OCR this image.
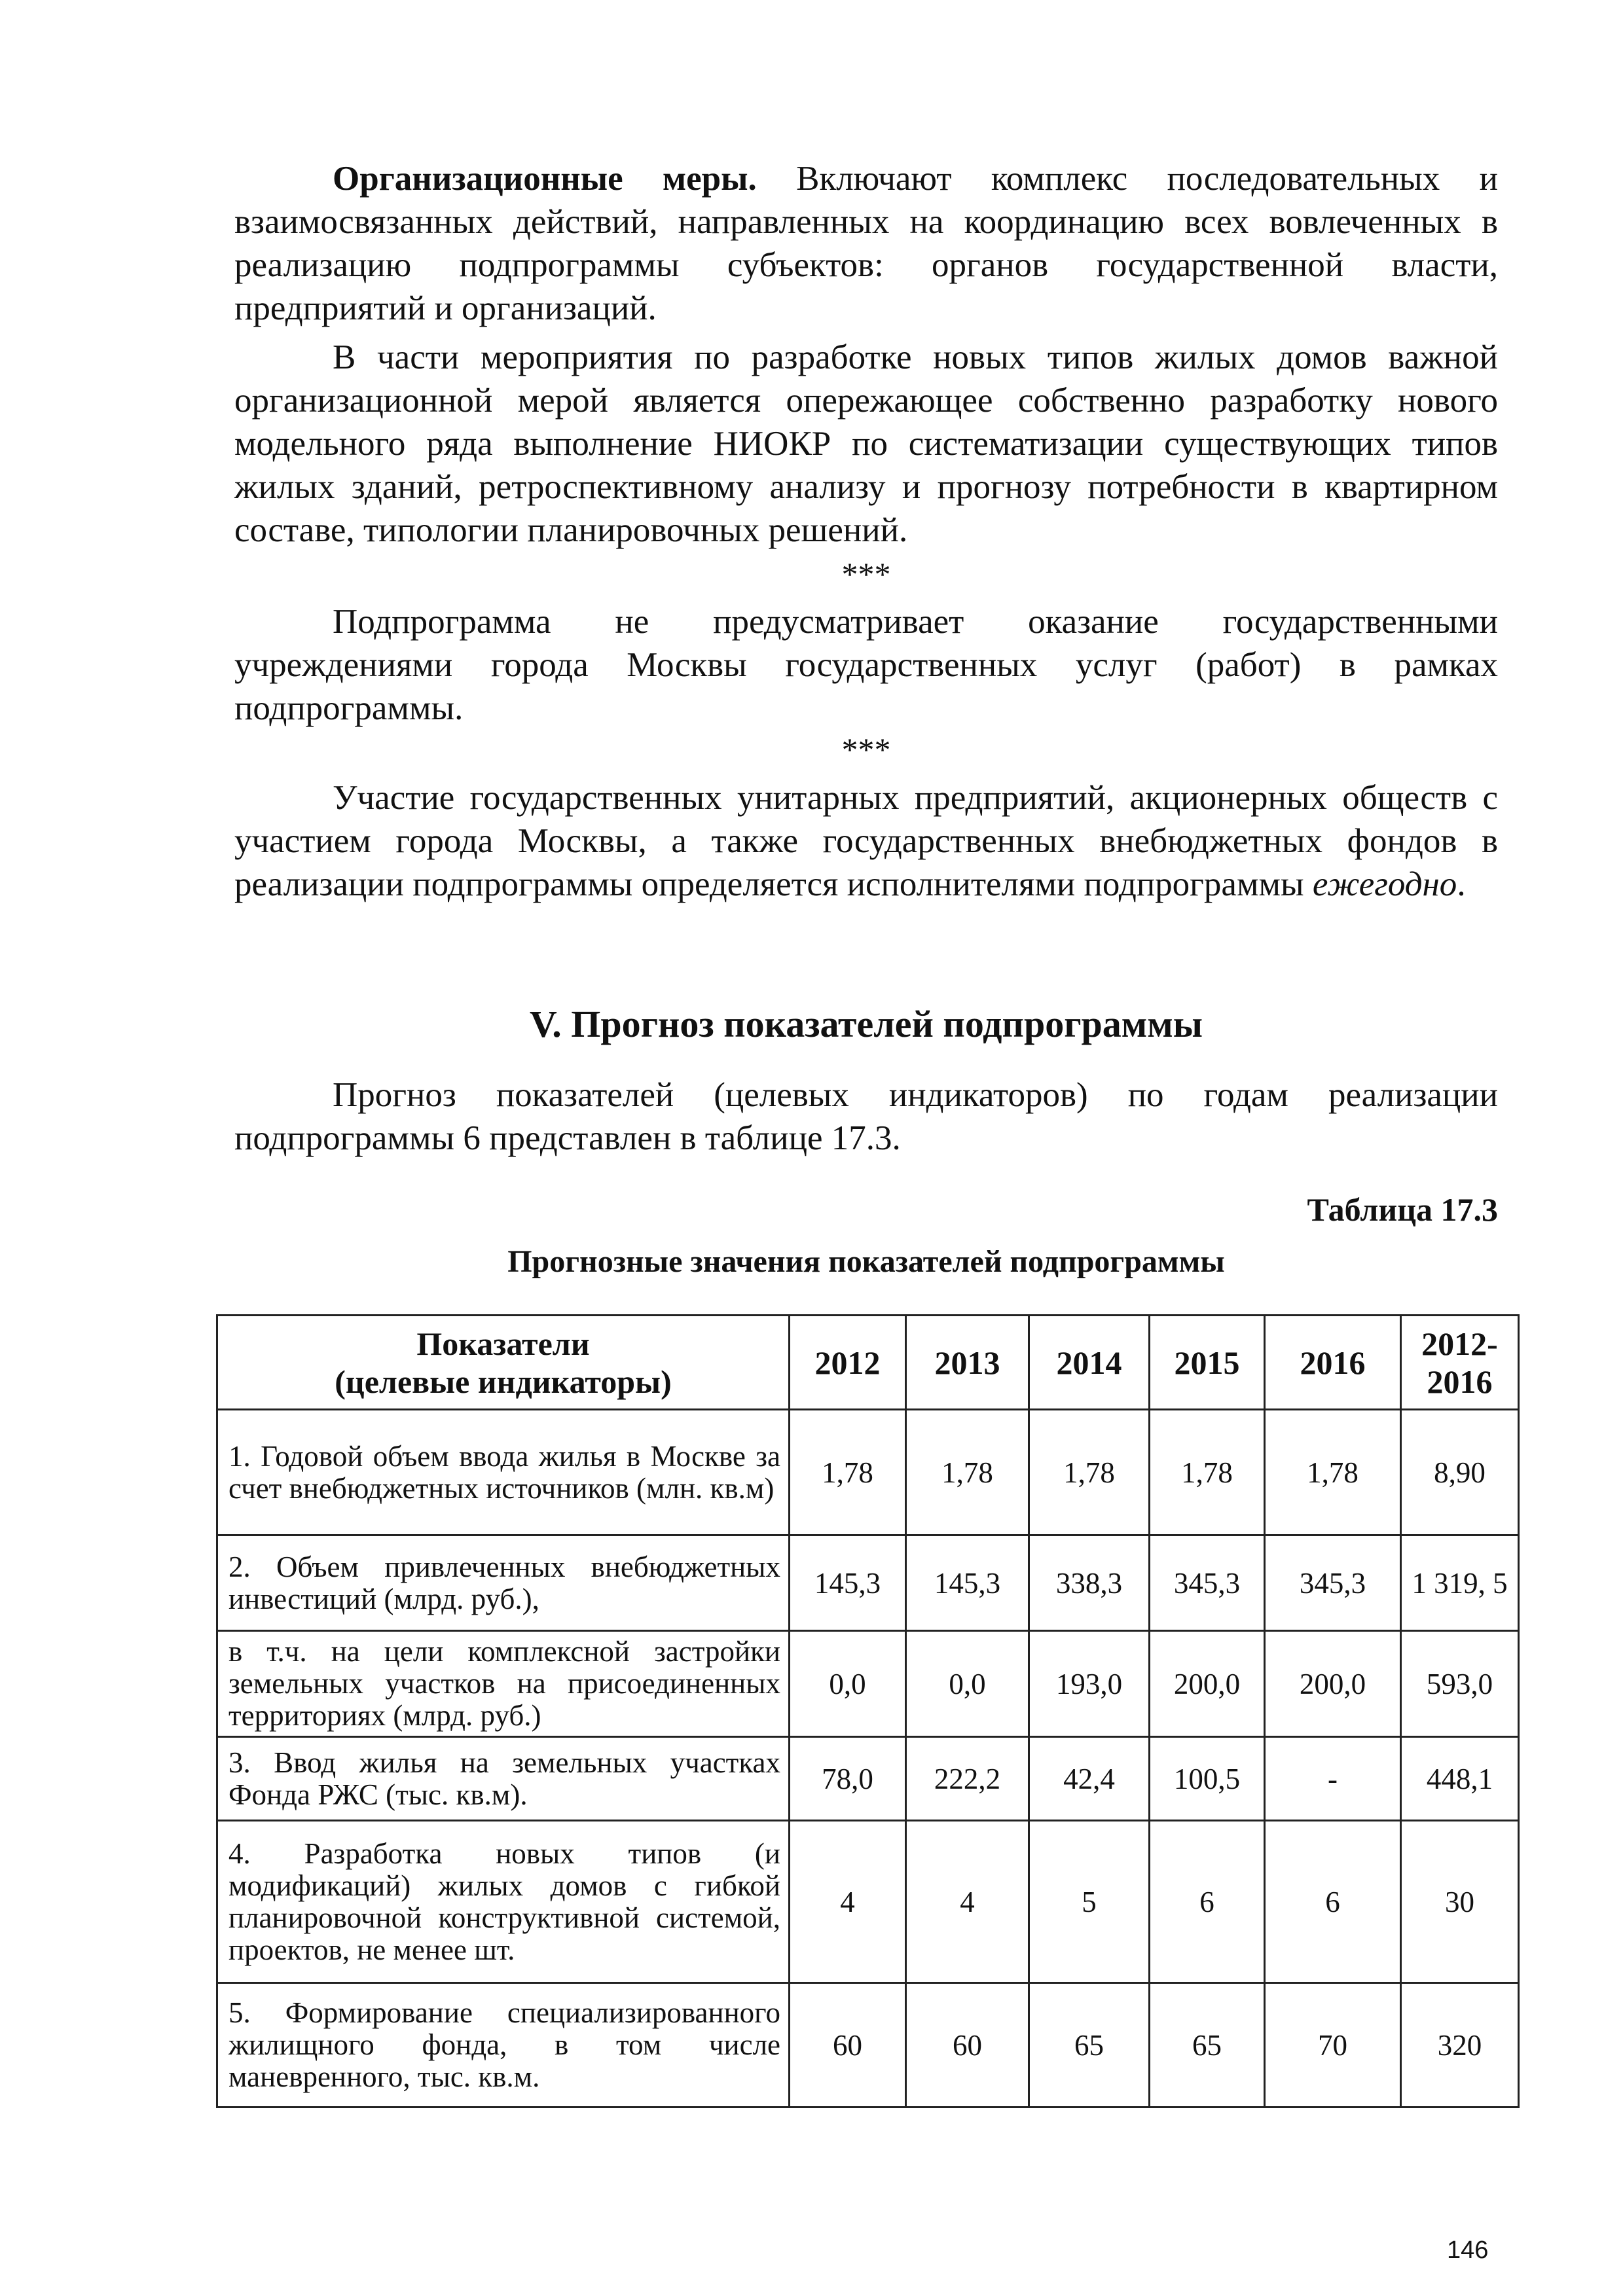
Организационные меры. Включают комплекс последовательных и взаимосвязанных действий, направленных на координацию всех вовлеченных в реализацию подпрограммы субъектов: органов государственной власти, предприятий и организаций.

В части мероприятия по разработке новых типов жилых домов важной организационной мерой является опережающее собственно разработку нового модельного ряда выполнение НИОКР по систематизации существующих типов жилых зданий, ретроспективному анализу и прогнозу потребности в квартирном составе, типологии планировочных решений.

***

Подпрограмма не предусматривает оказание государственными учреждениями города Москвы государственных услуг (работ) в рамках подпрограммы.

***

Участие государственных унитарных предприятий, акционерных обществ с участием города Москвы, а также государственных внебюджетных фондов в реализации подпрограммы определяется исполнителями подпрограммы ежегодно.

V. Прогноз показателей подпрограммы

Прогноз показателей (целевых индикаторов) по годам реализации подпрограммы 6 представлен в таблице 17.3.

Таблица 17.3

Прогнозные значения показателей подпрограммы

Показатели
(целевые индикаторы)	2012	2013	2014	2015	2016	2012-
2016
1. Годовой объем ввода жилья в Москве за счет внебюджетных источников (млн. кв.м)	1,78	1,78	1,78	1,78	1,78	8,90
2. Объем привлеченных внебюджетных инвестиций (млрд. руб.),	145,3	145,3	338,3	345,3	345,3	1 319, 5
в т.ч. на цели комплексной застройки земельных участков на присоединенных территориях (млрд. руб.)	0,0	0,0	193,0	200,0	200,0	593,0
3. Ввод жилья на земельных участках Фонда РЖС (тыс. кв.м).	78,0	222,2	42,4	100,5	-	448,1
4. Разработка новых типов (и модификаций) жилых домов с гибкой планировочной конструктивной системой, проектов, не менее шт.	4	4	5	6	6	30
5. Формирование специализированного жилищного фонда, в том числе маневренного, тыс. кв.м.	60	60	65	65	70	320

146
